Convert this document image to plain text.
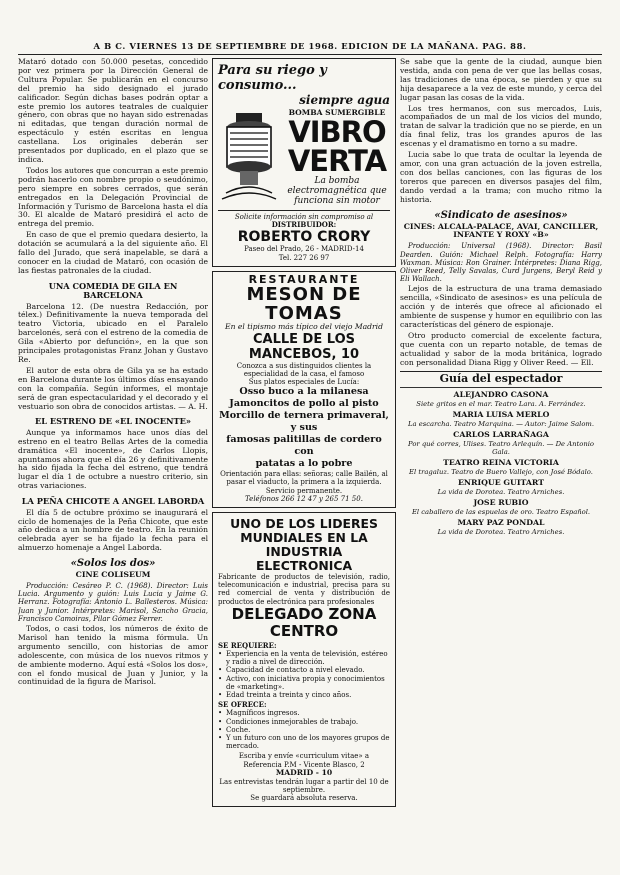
A B C. VIERNES 13 DE SEPTIEMBRE DE 1968. EDICION DE LA MAÑANA. PAG. 88.

Mataró dotado con 50.000 pesetas, concedido por vez primera por la Dirección General de Cultura Popular. Se publicarán en el concurso del premio ha sido designado el jurado calificador. Según dichas bases podrán optar a este premio los autores teatrales de cualquier género, con obras que no hayan sido estrenadas ni editadas, que tengan duración normal de espectáculo y estén escritas en lengua castellana. Los originales deberán ser presentados por duplicado, en el plazo que se indica.

Todos los autores que concurran a este premio podrán hacerlo con nombre propio o seudónimo, pero siempre en sobres cerrados, que serán entregados en la Delegación Provincial de Información y Turismo de Barcelona hasta el día 30. El alcalde de Mataró presidirá el acto de entrega del premio.

En caso de que el premio quedara desierto, la dotación se acumulará a la del siguiente año. El fallo del Jurado, que será inapelable, se dará a conocer en la ciudad de Mataró, con ocasión de las fiestas patronales de la ciudad.

UNA COMEDIA DE GILA EN BARCELONA

Barcelona 12. (De nuestra Redacción, por télex.) Definitivamente la nueva temporada del teatro Victoria, ubicado en el Paralelo barcelonés, será con el estreno de la comedia de Gila «Abierto por defunción», en la que son principales protagonistas Franz Johan y Gustavo Re.

El autor de esta obra de Gila ya se ha estado en Barcelona durante los últimos días ensayando con la compañía. Según informes, el montaje será de gran espectacularidad y el decorado y el vestuario son obra de conocidos artistas. — A. H.

EL ESTRENO DE «EL INOCENTE»

Aunque ya informamos hace unos días del estreno en el teatro Bellas Artes de la comedia dramática «El inocente», de Carlos Llopis, apuntamos ahora que el día 26 y definitivamente ha sido fijada la fecha del estreno, que tendrá lugar el día 1 de octubre a nuestro criterio, sin otras variaciones.

LA PEÑA CHICOTE A ANGEL LABORDA

El día 5 de octubre próximo se inaugurará el ciclo de homenajes de la Peña Chicote, que este año dedica a un hombre de teatro. En la reunión celebrada ayer se ha fijado la fecha para el almuerzo homenaje a Angel Laborda.

«Solos los dos»
CINE COLISEUM

Producción: Cesáreo P. C. (1968). Director: Luis Lucia. Argumento y guión: Luis Lucia y Jaime G. Herranz. Fotografía: Antonio L. Ballesteros. Música: Juan y Junior. Intérpretes: Marisol, Sancho Gracia, Francisco Camoiras, Pilar Gómez Ferrer.

Todos, o casi todos, los números de éxito de Marisol han tenido la misma fórmula. Un argumento sencillo, con historias de amor adolescente, con música de los nuevos ritmos y de ambiente moderno. Aquí está «Solos los dos», con el fondo musical de Juan y Junior, y la continuidad de la figura de Marisol.

Para su riego y consumo...
siempre agua
BOMBA SUMERGIBLE
VIBRO
VERTA
La bomba electromagnética que funciona sin motor
Solicite información sin compromiso al
DISTRIBUIDOR:
ROBERTO CRORY
Paseo del Prado, 26 - MADRID-14
Tel. 227 26 97
RESTAURANTE
MESON DE TOMAS
En el tipismo más típico del viejo Madrid
CALLE DE LOS MANCEBOS, 10
Conozca a sus distinguidos clientes la especialidad de la casa, el famoso
Sus platos especiales de Lucía:
Osso buco a la milanesa
Jamoncitos de pollo al pisto
Morcillo de ternera primaveral, y sus
famosas palitillas de cordero con
patatas a lo pobre
Orientación para ellas: señoras; calle Bailén, al pasar el viaducto, la primera a la izquierda. Servicio permanente.
Teléfonos 266 12 47 y 265 71 50.
UNO DE LOS LIDERES MUNDIALES EN LA INDUSTRIA ELECTRONICA
Fabricante de productos de televisión, radio, telecomunicación e industrial, precisa para su red comercial de venta y distribución de productos de electrónica para profesionales
DELEGADO ZONA CENTRO
SE REQUIERE:
• Experiencia en la venta de televisión, estéreo y radio a nivel de dirección.
• Capacidad de contacto a nivel elevado.
• Activo, con iniciativa propia y conocimientos de «marketing».
• Edad treinta a treinta y cinco años.
SE OFRECE:
• Magníficos ingresos.
• Condiciones inmejorables de trabajo.
• Coche.
• Y un futuro con uno de los mayores grupos de mercado.
Escriba y envíe «curriculum vitae» a
Referencia P.M - Vicente Blasco, 2
MADRID - 10
Las entrevistas tendrán lugar a partir del 10 de septiembre.
Se guardará absoluta reserva.

Se sabe que la gente de la ciudad, aunque bien vestida, anda con pena de ver que las bellas cosas, las tradiciones de una época, se pierden y que su hija desaparece a la vez de este mundo, y cerca del lugar pasan las cosas de la vida.

Los tres hermanos, con sus mercados, Luis, acompañados de un mal de los vicios del mundo, tratan de salvar la tradición que no se pierde, en un día final feliz, tras los grandes apuros de las escenas y el dramatismo en torno a su madre.

Lucia sabe lo que trata de ocultar la leyenda de amor, con una gran actuación de la joven estrella, con dos bellas canciones, con las figuras de los toreros que parecen en diversos pasajes del film, dando verdad a la trama; con mucho ritmo la historia.

«Sindicato de asesinos»
CINES: ALCALA-PALACE, AVAI, CANCILLER, INFANTE Y ROXY «B»

Producción: Universal (1968). Director: Basil Dearden. Guión: Michael Relph. Fotografía: Harry Waxman. Música: Ron Grainer. Intérpretes: Diana Rigg, Oliver Reed, Telly Savalas, Curd Jurgens, Beryl Reid y Eli Wallach.

Lejos de la estructura de una trama demasiado sencilla, «Sindicato de asesinos» es una película de acción y de interés que ofrece al aficionado el ambiente de suspense y humor en equilibrio con las características del género de espionaje.

Otro producto comercial de excelente factura, que cuenta con un reparto notable, de temas de actualidad y sabor de la moda británica, logrado con personalidad Diana Rigg y Oliver Reed. — Ell.

Guía del espectador
ALEJANDRO CASONA
Siete gritos en el mar. Teatro Lara. A. Ferrández.
MARIA LUISA MERLO
La escarcha. Teatro Marquina. — Autor: Jaime Salom.
CARLOS LARRAÑAGA
Por qué corres, Ulises. Teatro Arlequín. — De Antonio Gala.
TEATRO REINA VICTORIA
El tragaluz. Teatro de Buero Vallejo, con José Bódalo.
ENRIQUE GUITART
La vida de Dorotea. Teatro Arniches.
JOSE RUBIO
El caballero de las espuelas de oro. Teatro Español.
MARY PAZ PONDAL
La vida de Dorotea. Teatro Arniches.
